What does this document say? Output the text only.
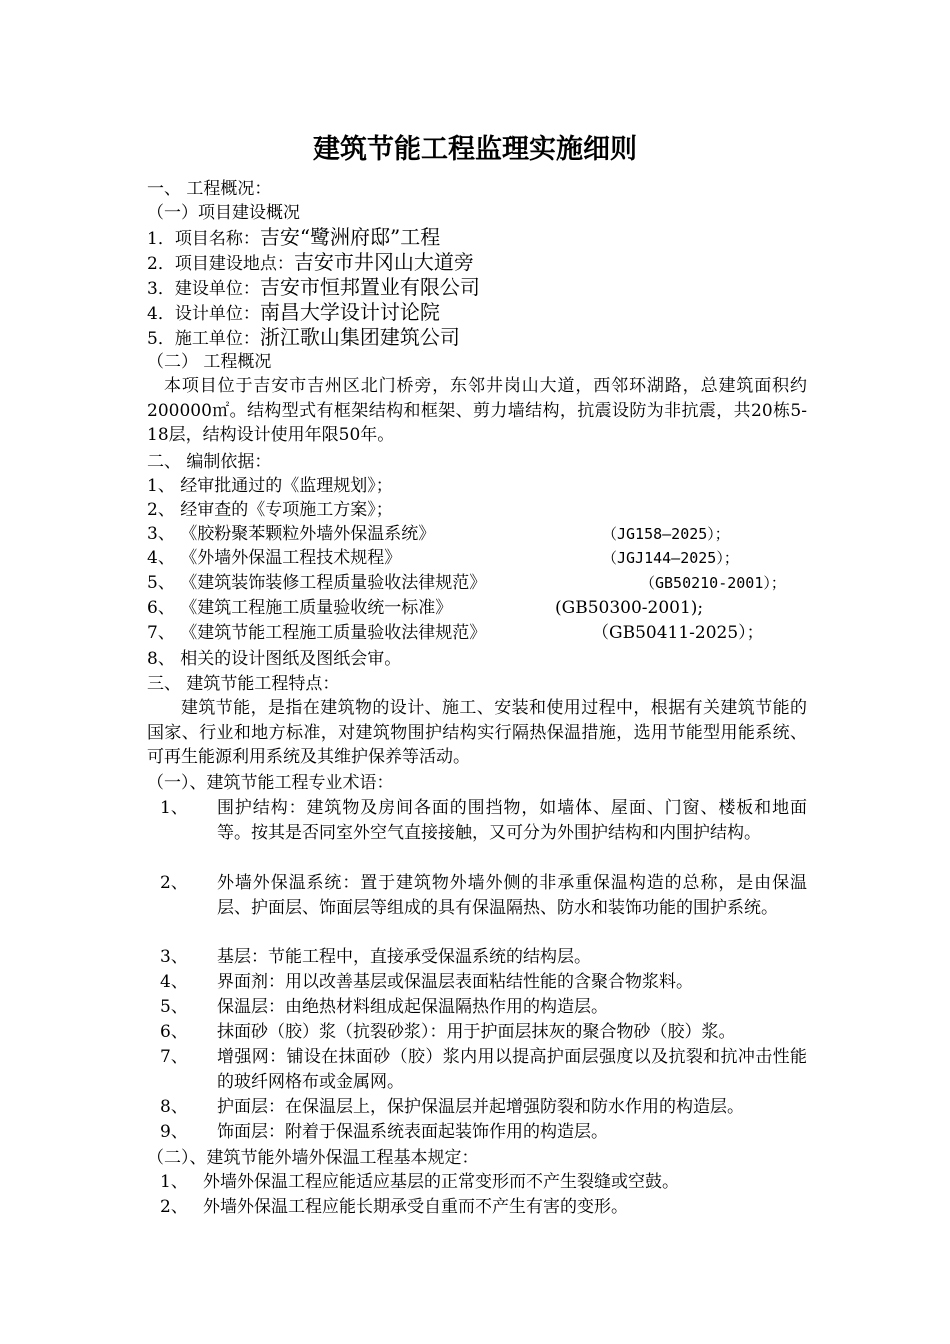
建筑节能工程监理实施细则
一、 工程概况：
（一）项目建设概况
1．项目名称：吉安“鹭洲府邸”工程
2．项目建设地点：吉安市井冈山大道旁
3．建设单位：吉安市恒邦置业有限公司
4．设计单位：南昌大学设计讨论院
5．施工单位：浙江歌山集团建筑公司
（二） 工程概况
本项目位于吉安市吉州区北门桥旁，东邻井岗山大道，西邻环湖路，总建筑面积约200000㎡。结构型式有框架结构和框架、剪力墙结构，抗震设防为非抗震，共20栋5-18层，结构设计使用年限50年。
二、 编制依据：
1、 经审批通过的《监理规划》；
2、 经审查的《专项施工方案》；
3、 《胶粉聚苯颗粒外墙外保温系统》	（JG158—2025）；
4、 《外墙外保温工程技术规程》	（JGJ144—2025）；
5、 《建筑装饰装修工程质量验收法律规范》	（GB50210-2001）；
6、 《建筑工程施工质量验收统一标准》	(GB50300-2001);
7、 《建筑节能工程施工质量验收法律规范》	（GB50411-2025）；
8、 相关的设计图纸及图纸会审。
三、 建筑节能工程特点：
建筑节能，是指在建筑物的设计、施工、安装和使用过程中，根据有关建筑节能的国家、行业和地方标准，对建筑物围护结构实行隔热保温措施，选用节能型用能系统、可再生能源利用系统及其维护保养等活动。
（一）、建筑节能工程专业术语：
1、 围护结构：建筑物及房间各面的围挡物，如墙体、屋面、门窗、楼板和地面等。按其是否同室外空气直接接触，又可分为外围护结构和内围护结构。
2、 外墙外保温系统：置于建筑物外墙外侧的非承重保温构造的总称，是由保温层、护面层、饰面层等组成的具有保温隔热、防水和装饰功能的围护系统。
3、 基层：节能工程中，直接承受保温系统的结构层。
4、 界面剂：用以改善基层或保温层表面粘结性能的含聚合物浆料。
5、 保温层：由绝热材料组成起保温隔热作用的构造层。
6、 抹面砂（胶）浆（抗裂砂浆）：用于护面层抹灰的聚合物砂（胶）浆。
7、 增强网：铺设在抹面砂（胶）浆内用以提高护面层强度以及抗裂和抗冲击性能的玻纤网格布或金属网。
8、 护面层：在保温层上，保护保温层并起增强防裂和防水作用的构造层。
9、 饰面层：附着于保温系统表面起装饰作用的构造层。
（二）、建筑节能外墙外保温工程基本规定：
1、 外墙外保温工程应能适应基层的正常变形而不产生裂缝或空鼓。
2、 外墙外保温工程应能长期承受自重而不产生有害的变形。
